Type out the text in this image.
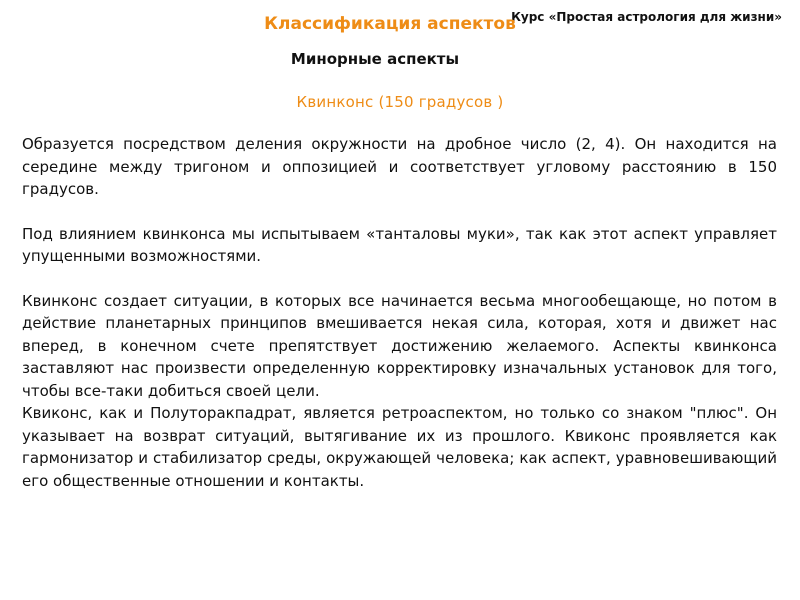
Курс «Простая астрология для жизни»
Классификация аспектов
Минорные аспекты
Квинконс (150 градусов )

Образуется посредством деления окружности на дробное число (2, 4). Он находится на середине между тригоном и оппозицией и соответствует угловому расстоянию в 150 градусов.

Под влиянием квинконса мы испытываем «танталовы муки», так как этот аспект управляет упущенными возможностями.

Квинконс создает ситуации, в которых все начинается весьма многообещающе, но потом в действие планетарных принципов вмешивается некая сила, которая, хотя и движет нас вперед, в конечном счете препятствует достижению желаемого. Аспекты квинконса заставляют нас произвести определенную корректировку изначальных установок для того, чтобы все-таки добиться своей цели.

Квиконс, как и Полуторакпадрат, является ретроаспектом, но только со знаком "плюс". Он указывает на возврат ситуаций, вытягивание их из прошлого. Квиконс проявляется как гармонизатор и стабилизатор среды, окружающей человека; как аспект, уравновешивающий его общественные отношении и контакты.
